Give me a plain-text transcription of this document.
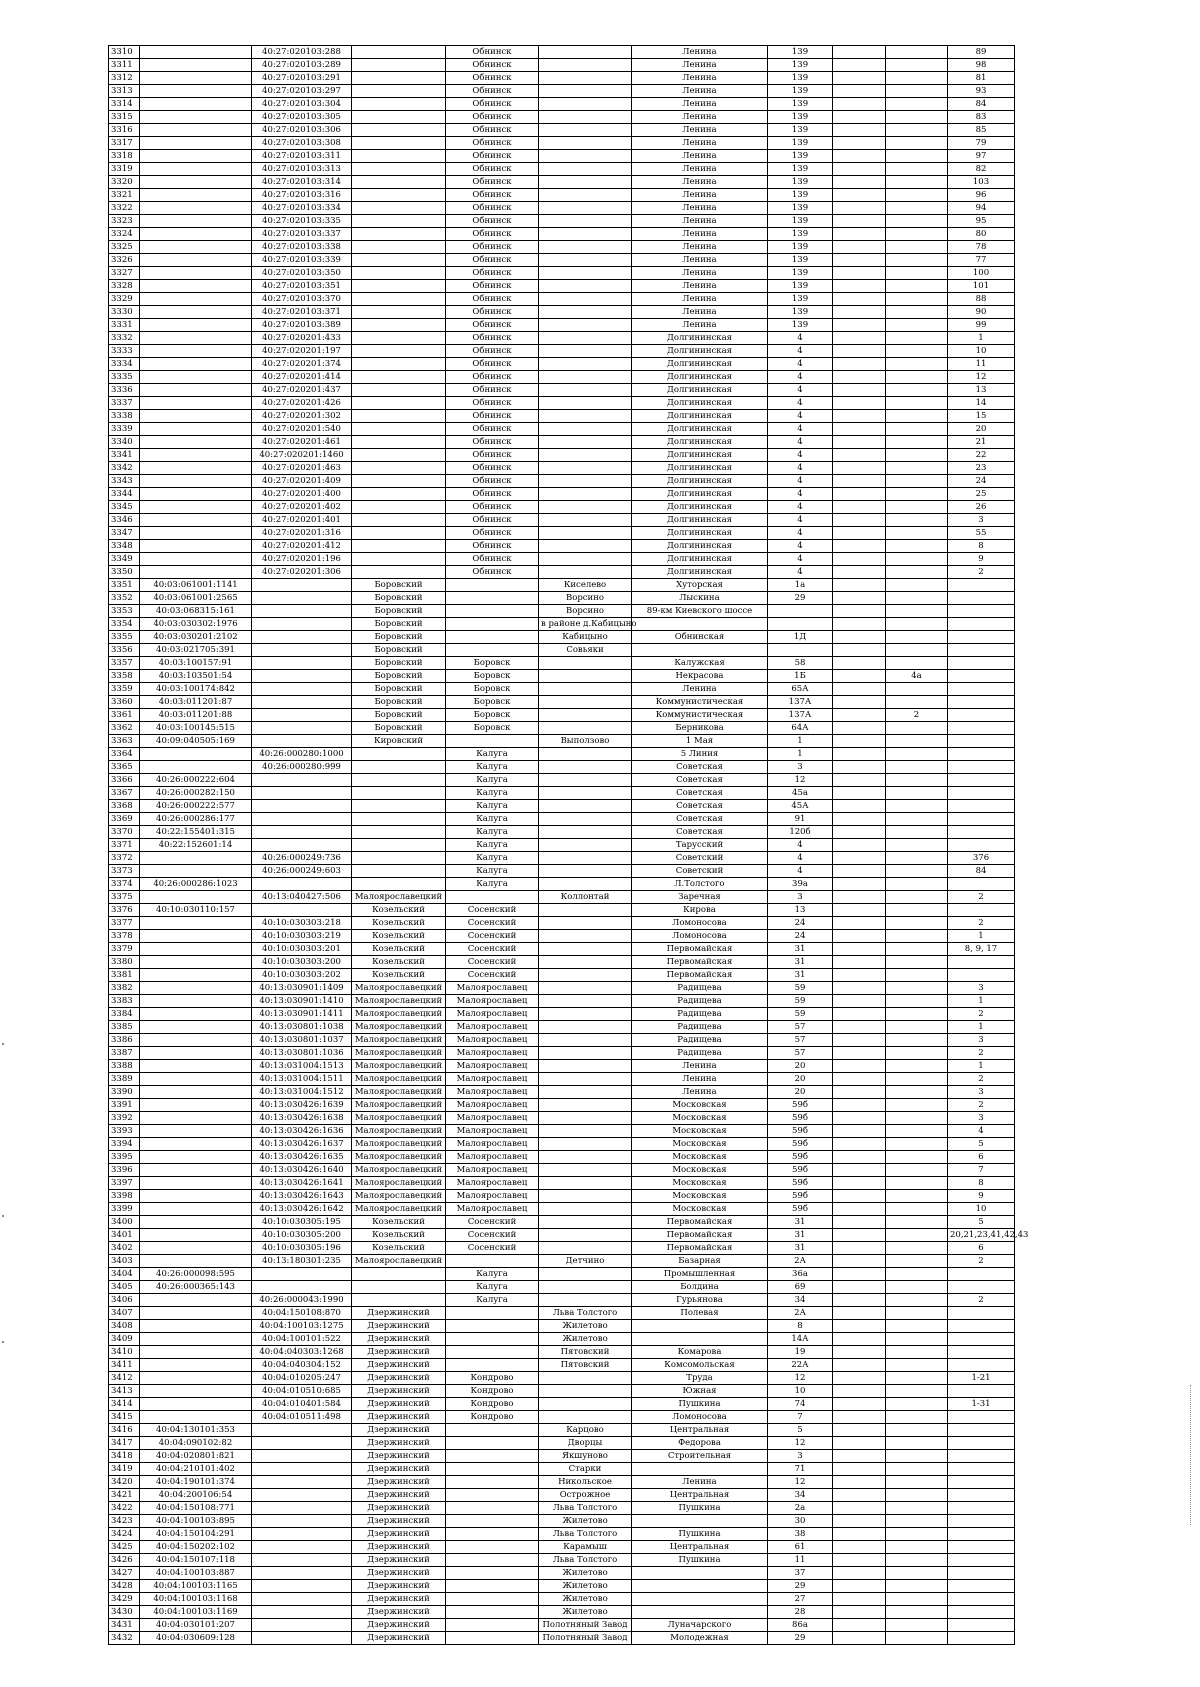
3310		40:27:020103:288		Обнинск		Ленина	139			89
3311		40:27:020103:289		Обнинск		Ленина	139			98
3312		40:27:020103:291		Обнинск		Ленина	139			81
3313		40:27:020103:297		Обнинск		Ленина	139			93
3314		40:27:020103:304		Обнинск		Ленина	139			84
3315		40:27:020103:305		Обнинск		Ленина	139			83
3316		40:27:020103:306		Обнинск		Ленина	139			85
3317		40:27:020103:308		Обнинск		Ленина	139			79
3318		40:27:020103:311		Обнинск		Ленина	139			97
3319		40:27:020103:313		Обнинск		Ленина	139			82
3320		40:27:020103:314		Обнинск		Ленина	139			103
3321		40:27:020103:316		Обнинск		Ленина	139			96
3322		40:27:020103:334		Обнинск		Ленина	139			94
3323		40:27:020103:335		Обнинск		Ленина	139			95
3324		40:27:020103:337		Обнинск		Ленина	139			80
3325		40:27:020103:338		Обнинск		Ленина	139			78
3326		40:27:020103:339		Обнинск		Ленина	139			77
3327		40:27:020103:350		Обнинск		Ленина	139			100
3328		40:27:020103:351		Обнинск		Ленина	139			101
3329		40:27:020103:370		Обнинск		Ленина	139			88
3330		40:27:020103:371		Обнинск		Ленина	139			90
3331		40:27:020103:389		Обнинск		Ленина	139			99
3332		40:27:020201:433		Обнинск		Долгининская	4			1
3333		40:27:020201:197		Обнинск		Долгининская	4			10
3334		40:27:020201:374		Обнинск		Долгининская	4			11
3335		40:27:020201:414		Обнинск		Долгининская	4			12
3336		40:27:020201:437		Обнинск		Долгининская	4			13
3337		40:27:020201:426		Обнинск		Долгининская	4			14
3338		40:27:020201:302		Обнинск		Долгининская	4			15
3339		40:27:020201:540		Обнинск		Долгининская	4			20
3340		40:27:020201:461		Обнинск		Долгининская	4			21
3341		40:27:020201:1460		Обнинск		Долгининская	4			22
3342		40:27:020201:463		Обнинск		Долгининская	4			23
3343		40:27:020201:409		Обнинск		Долгининская	4			24
3344		40:27:020201:400		Обнинск		Долгининская	4			25
3345		40:27:020201:402		Обнинск		Долгининская	4			26
3346		40:27:020201:401		Обнинск		Долгининская	4			3
3347		40:27:020201:316		Обнинск		Долгининская	4			55
3348		40:27:020201:412		Обнинск		Долгининская	4			8
3349		40:27:020201:196		Обнинск		Долгининская	4			9
3350		40:27:020201:306		Обнинск		Долгининская	4			2
3351	40:03:061001:1141		Боровский		Киселево	Хуторская	1а			
3352	40:03:061001:2565		Боровский		Ворсино	Лыскина	29			
3353	40:03:068315:161		Боровский		Ворсино	89-км Киевского шоссе				
3354	40:03:030302:1976		Боровский		в районе д.Кабицыно					
3355	40:03:030201:2102		Боровский		Кабицыно	Обнинская	1Д			
3356	40:03:021705:391		Боровский		Совьяки					
3357	40:03:100157:91		Боровский	Боровск		Калужская	58			
3358	40:03:103501:54		Боровский	Боровск		Некрасова	1Б		4а	
3359	40:03:100174:842		Боровский	Боровск		Ленина	65А			
3360	40:03:011201:87		Боровский	Боровск		Коммунистическая	137А			
3361	40:03:011201:88		Боровский	Боровск		Коммунистическая	137А		2	
3362	40:03:100145:515		Боровский	Боровск		Берникова	64А			
3363	40:09:040505:169		Кировский		Выползово	1 Мая	1			
3364		40:26:000280:1000		Калуга		5 Линия	1			
3365		40:26:000280:999		Калуга		Советская	3			
3366	40:26:000222:604			Калуга		Советская	12			
3367	40:26:000282:150			Калуга		Советская	45а			
3368	40:26:000222:577			Калуга		Советская	45А			
3369	40:26:000286:177			Калуга		Советская	91			
3370	40:22:155401:315			Калуга		Советская	120б			
3371	40:22:152601:14			Калуга		Тарусский	4			
3372		40:26:000249:736		Калуга		Советский	4			376
3373		40:26:000249:603		Калуга		Советский	4			84
3374	40:26:000286:1023			Калуга		Л.Толстого	39а			
3375		40:13:040427:506	Малоярославецкий		Коллонтай	Заречная	3			2
3376	40:10:030110:157		Козельский	Сосенский		Кирова	13			
3377		40:10:030303:218	Козельский	Сосенский		Ломоносова	24			2
3378		40:10:030303:219	Козельский	Сосенский		Ломоносова	24			1
3379		40:10:030303:201	Козельский	Сосенский		Первомайская	31			8, 9, 17
3380		40:10:030303:200	Козельский	Сосенский		Первомайская	31			
3381		40:10:030303:202	Козельский	Сосенский		Первомайская	31			
3382		40:13:030901:1409	Малоярославецкий	Малоярославец		Радищева	59			3
3383		40:13:030901:1410	Малоярославецкий	Малоярославец		Радищева	59			1
3384		40:13:030901:1411	Малоярославецкий	Малоярославец		Радищева	59			2
3385		40:13:030801:1038	Малоярославецкий	Малоярославец		Радищева	57			1
3386		40:13:030801:1037	Малоярославецкий	Малоярославец		Радищева	57			3
3387		40:13:030801:1036	Малоярославецкий	Малоярославец		Радищева	57			2
3388		40:13:031004:1513	Малоярославецкий	Малоярославец		Ленина	20			1
3389		40:13:031004:1511	Малоярославецкий	Малоярославец		Ленина	20			2
3390		40:13:031004:1512	Малоярославецкий	Малоярославец		Ленина	20			3
3391		40:13:030426:1639	Малоярославецкий	Малоярославец		Московская	59б			2
3392		40:13:030426:1638	Малоярославецкий	Малоярославец		Московская	59б			3
3393		40:13:030426:1636	Малоярославецкий	Малоярославец		Московская	59б			4
3394		40:13:030426:1637	Малоярославецкий	Малоярославец		Московская	59б			5
3395		40:13:030426:1635	Малоярославецкий	Малоярославец		Московская	59б			6
3396		40:13:030426:1640	Малоярославецкий	Малоярославец		Московская	59б			7
3397		40:13:030426:1641	Малоярославецкий	Малоярославец		Московская	59б			8
3398		40:13:030426:1643	Малоярославецкий	Малоярославец		Московская	59б			9
3399		40:13:030426:1642	Малоярославецкий	Малоярославец		Московская	59б			10
3400		40:10:030305:195	Козельский	Сосенский		Первомайская	31			5
3401		40:10:030305:200	Козельский	Сосенский		Первомайская	31			20,21,23,41,42,43
3402		40:10:030305:196	Козельский	Сосенский		Первомайская	31			6
3403		40:13:180301:235	Малоярославецкий		Детчино	Базарная	2А			2
3404	40:26:000098:595			Калуга		Промышленная	36а			
3405	40:26:000365:143			Калуга		Болдина	69			
3406		40:26:000043:1990		Калуга		Гурьянова	34			2
3407		40:04:150108:870	Дзержинский		Льва Толстого	Полевая	2А			
3408		40:04:100103:1275	Дзержинский		Жилетово		8			
3409		40:04:100101:522	Дзержинский		Жилетово		14А			
3410		40:04:040303:1268	Дзержинский		Пятовский	Комарова	19			
3411		40:04:040304:152	Дзержинский		Пятовский	Комсомольская	22А			
3412		40:04:010205:247	Дзержинский	Кондрово		Труда	12			1-21
3413		40:04:010510:685	Дзержинский	Кондрово		Южная	10			
3414		40:04:010401:584	Дзержинский	Кондрово		Пушкина	74			1-31
3415		40:04:010511:498	Дзержинский	Кондрово		Ломоносова	7			
3416	40:04:130101:353		Дзержинский		Карцово	Центральная	5			
3417	40:04:090102:82		Дзержинский		Дворцы	Федорова	12			
3418	40:04:020801:821		Дзержинский		Якшуново	Строительная	3			
3419	40:04:210101:402		Дзержинский		Старки		71			
3420	40:04:190101:374		Дзержинский		Никольское	Ленина	12			
3421	40:04:200106:54		Дзержинский		Острожное	Центральная	34			
3422	40:04:150108:771		Дзержинский		Льва Толстого	Пушкина	2а			
3423	40:04:100103:895		Дзержинский		Жилетово		30			
3424	40:04:150104:291		Дзержинский		Льва Толстого	Пушкина	38			
3425	40:04:150202:102		Дзержинский		Карамыш	Центральная	61			
3426	40:04:150107:118		Дзержинский		Льва Толстого	Пушкина	11			
3427	40:04:100103:887		Дзержинский		Жилетово		37			
3428	40:04:100103:1165		Дзержинский		Жилетово		29			
3429	40:04:100103:1168		Дзержинский		Жилетово		27			
3430	40:04:100103:1169		Дзержинский		Жилетово		28			
3431	40:04:030101:207		Дзержинский		Полотняный Завод	Луначарского	86а			
3432	40:04:030609:128		Дзержинский		Полотняный Завод	Молодежная	29			
